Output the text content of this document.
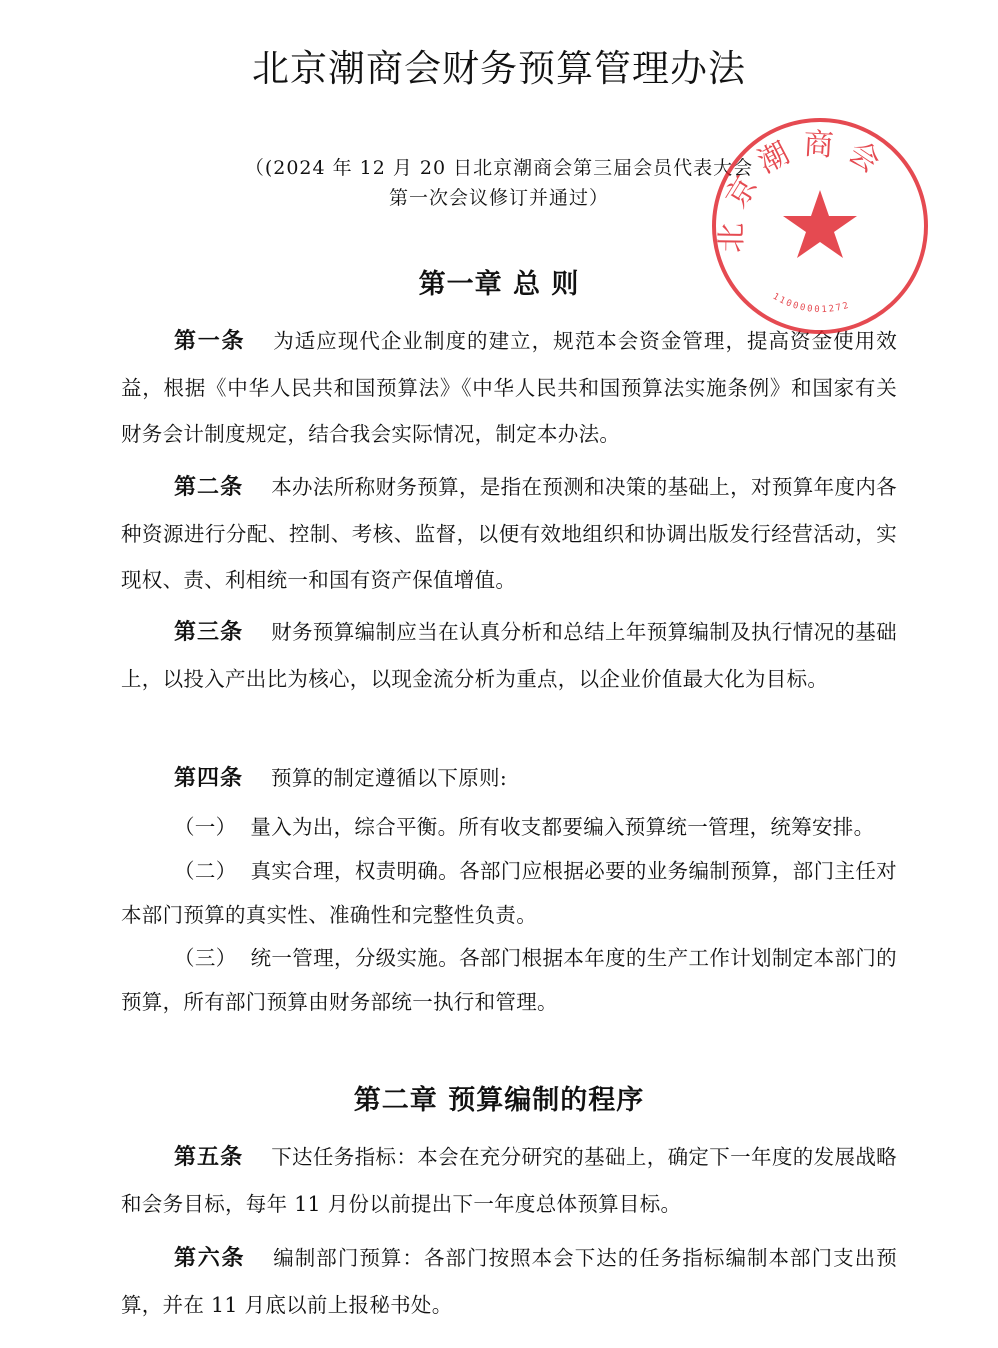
北京潮商会财务预算管理办法

（(2024 年 12 月 20 日北京潮商会第三届会员代表大会

第一次会议修订并通过）

第一章 总 则

第一条 为适应现代企业制度的建立，规范本会资金管理，提高资金使用效益，根据《中华人民共和国预算法》《中华人民共和国预算法实施条例》和国家有关财务会计制度规定，结合我会实际情况，制定本办法。

第二条 本办法所称财务预算，是指在预测和决策的基础上，对预算年度内各种资源进行分配、控制、考核、监督，以便有效地组织和协调出版发行经营活动，实现权、责、利相统一和国有资产保值增值。

第三条 财务预算编制应当在认真分析和总结上年预算编制及执行情况的基础上，以投入产出比为核心，以现金流分析为重点，以企业价值最大化为目标。

第四条 预算的制定遵循以下原则:

（一） 量入为出，综合平衡。所有收支都要编入预算统一管理，统筹安排。

（二） 真实合理，权责明确。各部门应根据必要的业务编制预算，部门主任对本部门预算的真实性、准确性和完整性负责。

（三） 统一管理，分级实施。各部门根据本年度的生产工作计划制定本部门的预算，所有部门预算由财务部统一执行和管理。

第二章 预算编制的程序

第五条 下达任务指标：本会在充分研究的基础上，确定下一年度的发展战略和会务目标，每年 11 月份以前提出下一年度总体预算目标。

第六条 编制部门预算：各部门按照本会下达的任务指标编制本部门支出预算，并在 11 月底以前上报秘书处。

北京潮商会
11000001272
